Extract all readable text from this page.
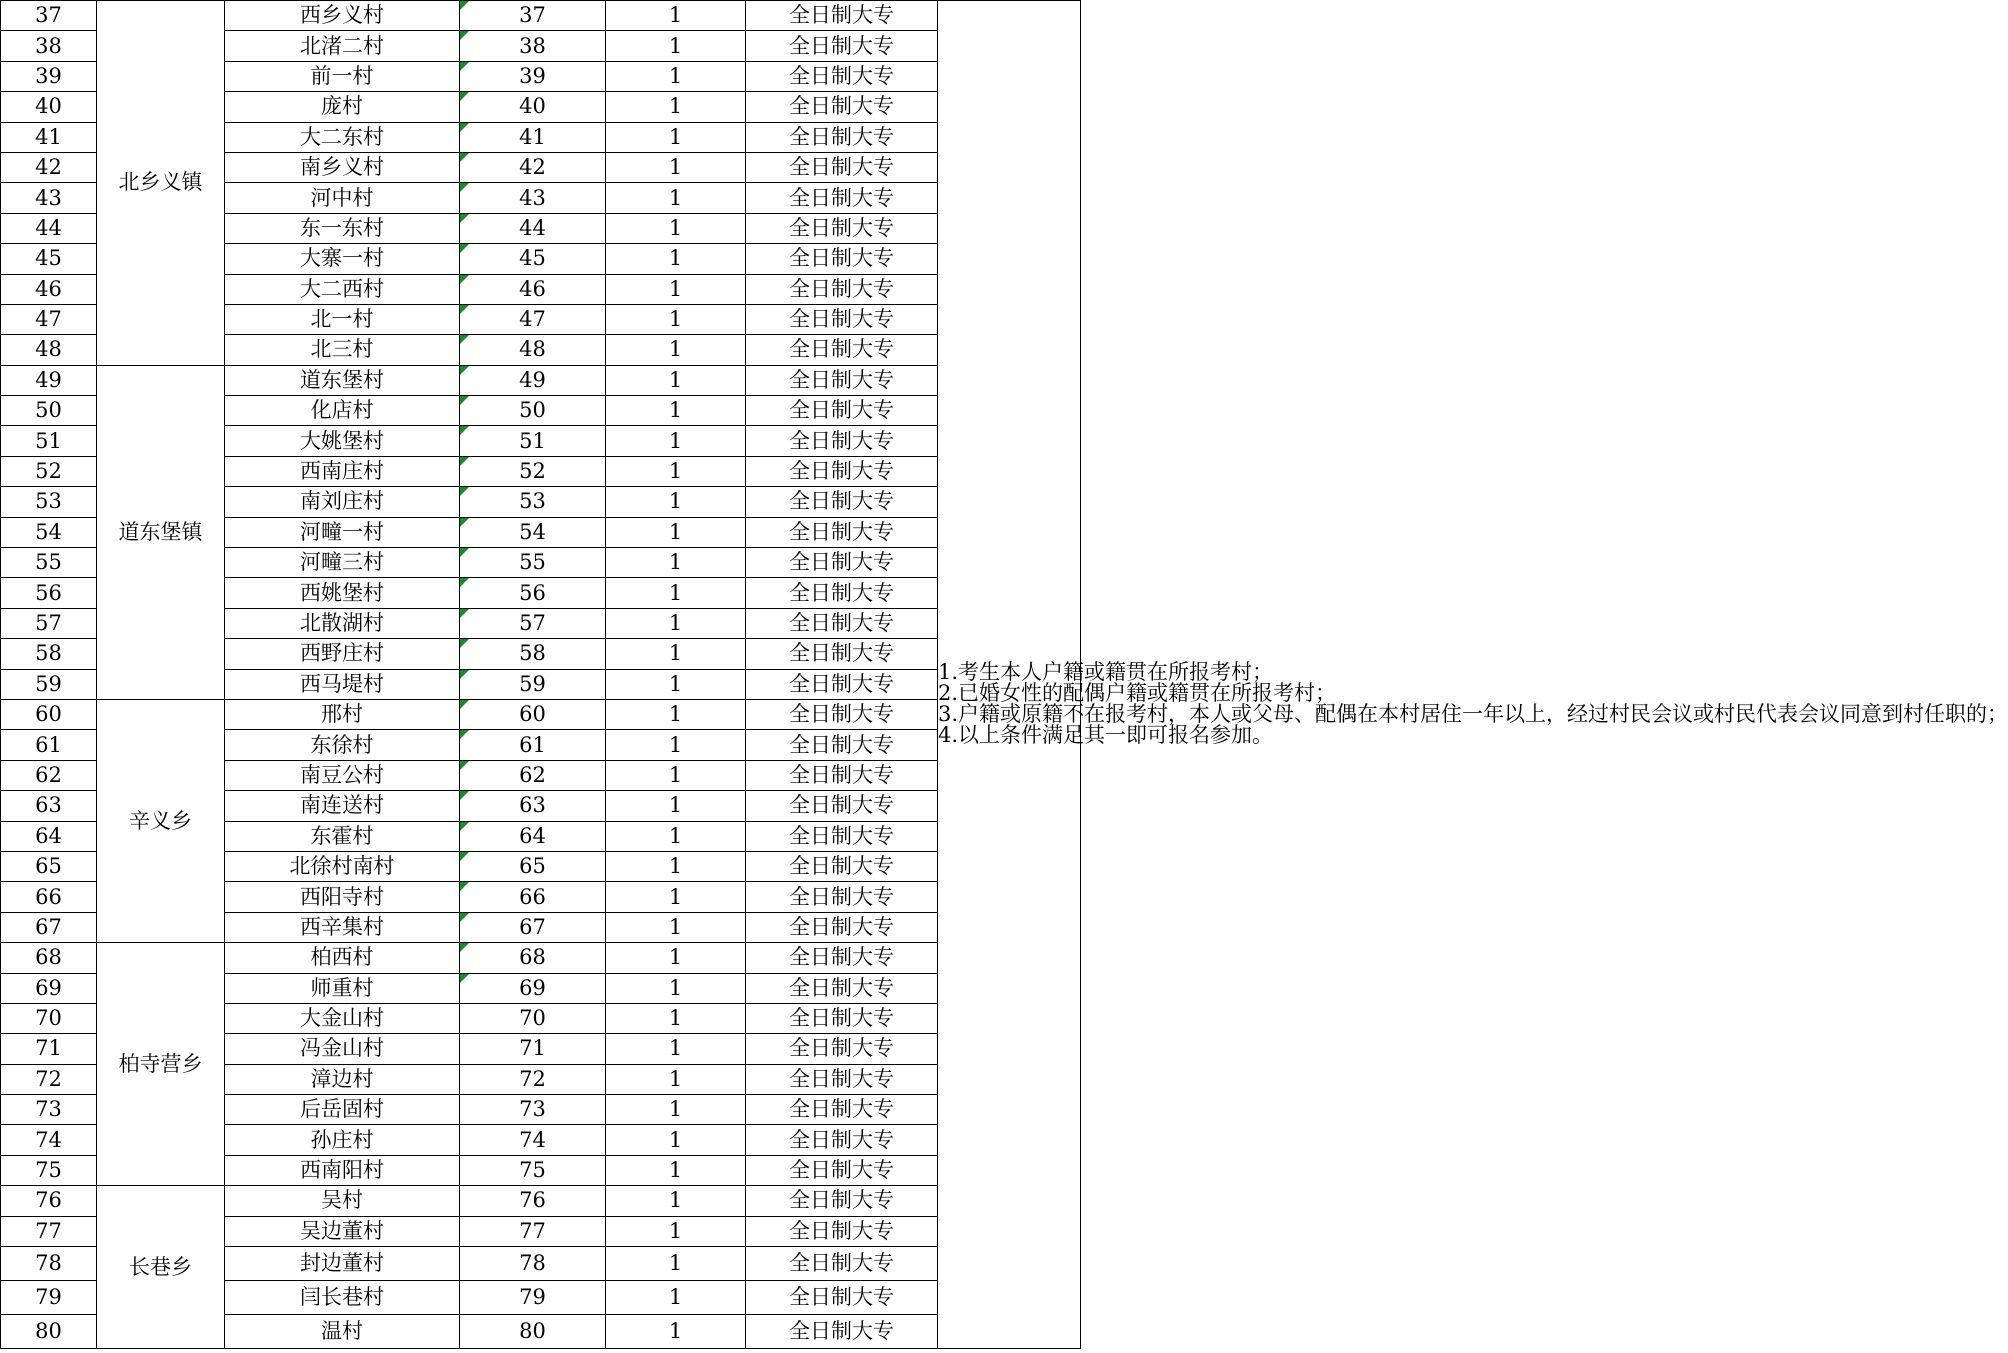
37	北乡义镇	西乡义村	37	1	全日制大专	1.考生本人户籍或籍贯在所报考村；
2.已婚女性的配偶户籍或籍贯在所报考村；
3.户籍或原籍不在报考村，本人或父母、配偶在本村居住一年以上，经过村民会议或村民代表会议同意到村任职的；
4.以上条件满足其一即可报名参加。

38		北渚二村	38	1	全日制大专	
39		前一村	39	1	全日制大专	
40		庞村	40	1	全日制大专	
41		大二东村	41	1	全日制大专	
42		南乡义村	42	1	全日制大专	
43		河中村	43	1	全日制大专	
44		东一东村	44	1	全日制大专	
45		大寨一村	45	1	全日制大专	
46		大二西村	46	1	全日制大专	
47		北一村	47	1	全日制大专	
48		北三村	48	1	全日制大专	
49	道东堡镇	道东堡村	49	1	全日制大专	
50		化店村	50	1	全日制大专	
51		大姚堡村	51	1	全日制大专	
52		西南庄村	52	1	全日制大专	
53		南刘庄村	53	1	全日制大专	
54		河疃一村	54	1	全日制大专	
55		河疃三村	55	1	全日制大专	
56		西姚堡村	56	1	全日制大专	
57		北散湖村	57	1	全日制大专	
58		西野庄村	58	1	全日制大专	
59		西马堤村	59	1	全日制大专	
60	辛义乡	邢村	60	1	全日制大专	
61		东徐村	61	1	全日制大专	
62		南豆公村	62	1	全日制大专	
63		南连送村	63	1	全日制大专	
64		东霍村	64	1	全日制大专	
65		北徐村南村	65	1	全日制大专	
66		西阳寺村	66	1	全日制大专	
67		西辛集村	67	1	全日制大专	
68	柏寺营乡	柏西村	68	1	全日制大专	
69		师重村	69	1	全日制大专	
70		大金山村	70	1	全日制大专	
71		冯金山村	71	1	全日制大专	
72		漳边村	72	1	全日制大专	
73		后岳固村	73	1	全日制大专	
74		孙庄村	74	1	全日制大专	
75		西南阳村	75	1	全日制大专	
76	长巷乡	吴村	76	1	全日制大专	
77		吴边董村	77	1	全日制大专	
78		封边董村	78	1	全日制大专	
79		闫长巷村	79	1	全日制大专	
80		温村	80	1	全日制大专	
